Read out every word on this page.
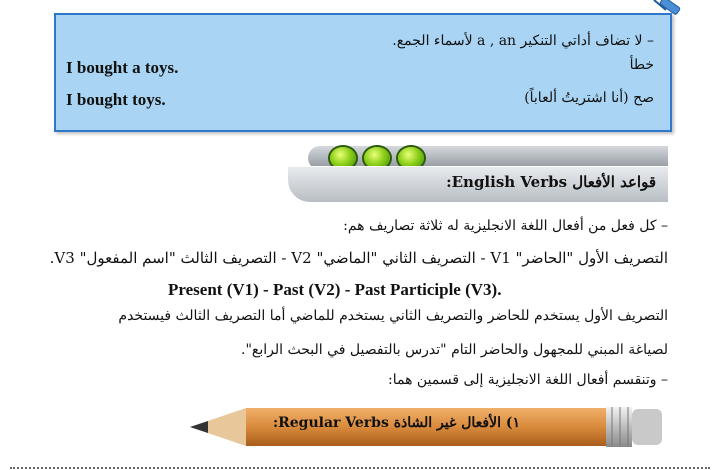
– لا تضاف أداتي التنكير a , an لأسماء الجمع.
خطأ
I bought a toys.
صح (أنا اشتريتُ ألعاباً)
I bought toys.
قواعد الأفعال English Verbs:
– كل فعل من أفعال اللغة الانجليزية له ثلاثة تصاريف هم:
التصريف الأول "الحاضر" V1 - التصريف الثاني "الماضي" V2 - التصريف الثالث "اسم المفعول" V3.
Present (V1) - Past (V2) - Past Participle (V3).
التصريف الأول يستخدم للحاضر والتصريف الثاني يستخدم للماضي أما التصريف الثالث فيستخدم
لصياغة المبني للمجهول والحاضر التام "تدرس بالتفصيل في البحث الرابع".
– وتنقسم أفعال اللغة الانجليزية إلى قسمين هما:
١) الأفعال غير الشاذة Regular Verbs:
